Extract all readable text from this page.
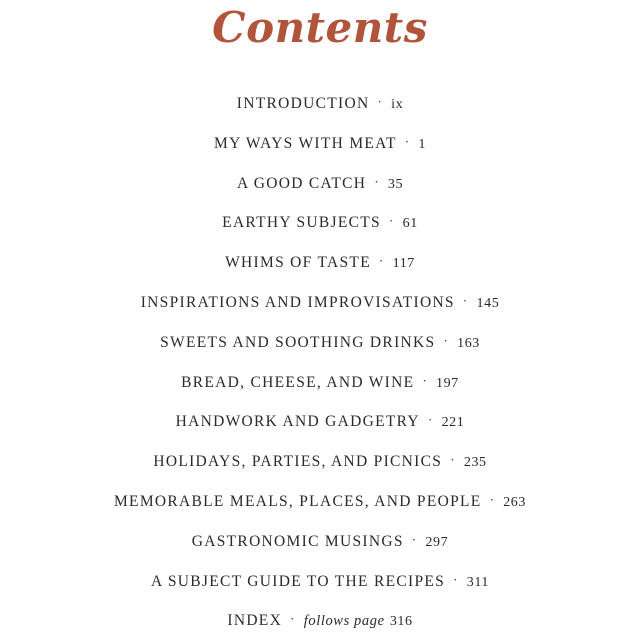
Contents
INTRODUCTION · ix
MY WAYS WITH MEAT · 1
A GOOD CATCH · 35
EARTHY SUBJECTS · 61
WHIMS OF TASTE · 117
INSPIRATIONS AND IMPROVISATIONS · 145
SWEETS AND SOOTHING DRINKS · 163
BREAD, CHEESE, AND WINE · 197
HANDWORK AND GADGETRY · 221
HOLIDAYS, PARTIES, AND PICNICS · 235
MEMORABLE MEALS, PLACES, AND PEOPLE · 263
GASTRONOMIC MUSINGS · 297
A SUBJECT GUIDE TO THE RECIPES · 311
INDEX · follows page 316
